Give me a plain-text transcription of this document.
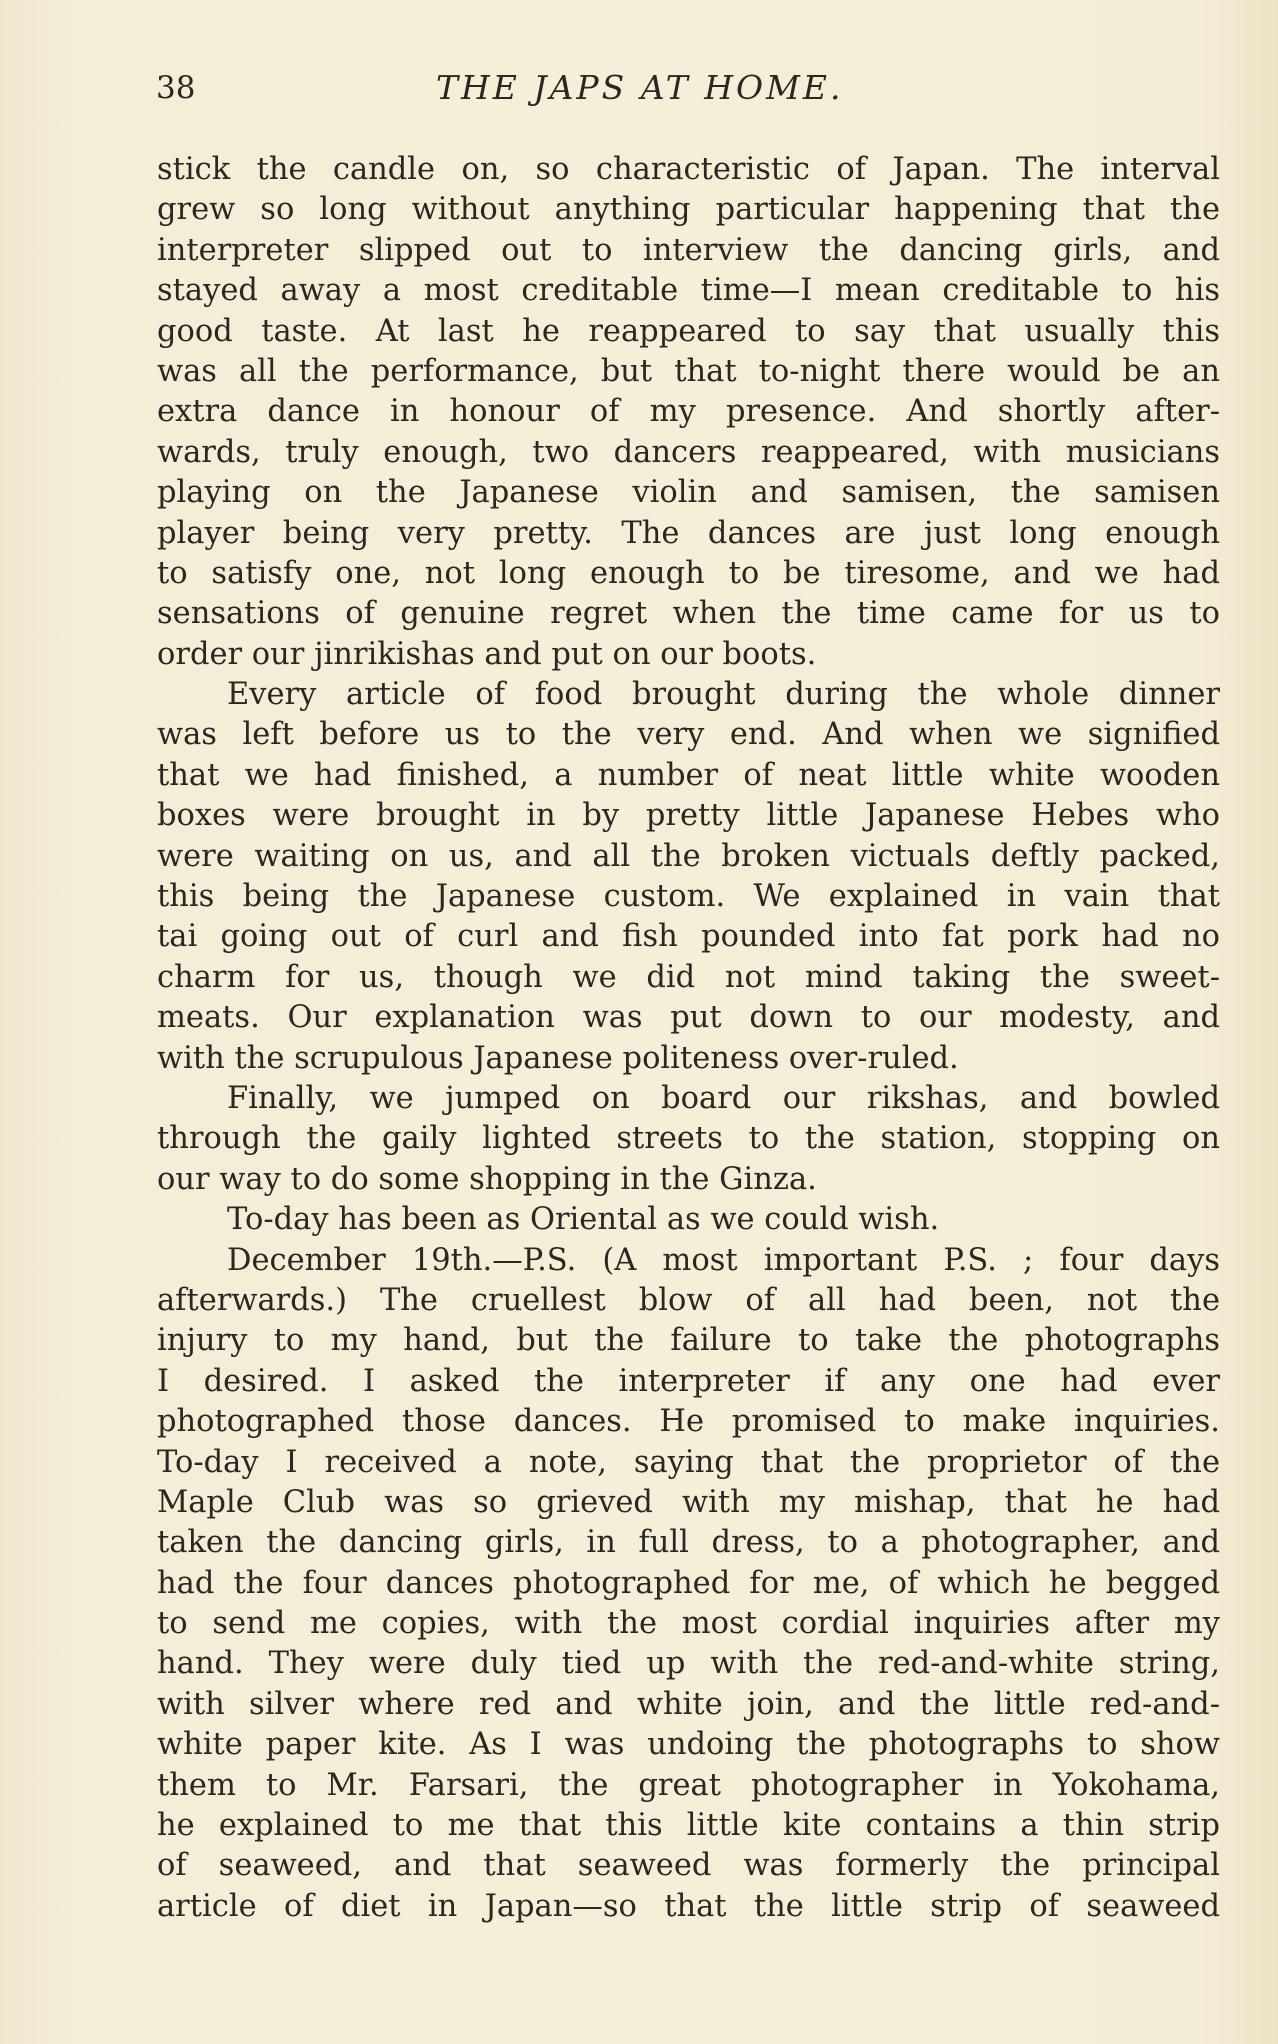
38	THE JAPS AT HOME.
stick the candle on, so characteristic of Japan. The interval
grew so long without anything particular happening that the
interpreter slipped out to interview the dancing girls, and
stayed away a most creditable time—I mean creditable to his
good taste. At last he reappeared to say that usually this
was all the performance, but that to-night there would be an
extra dance in honour of my presence. And shortly after-
wards, truly enough, two dancers reappeared, with musicians
playing on the Japanese violin and samisen, the samisen
player being very pretty. The dances are just long enough
to satisfy one, not long enough to be tiresome, and we had
sensations of genuine regret when the time came for us to
order our jinrikishas and put on our boots.
Every article of food brought during the whole dinner
was left before us to the very end. And when we signified
that we had finished, a number of neat little white wooden
boxes were brought in by pretty little Japanese Hebes who
were waiting on us, and all the broken victuals deftly packed,
this being the Japanese custom. We explained in vain that
tai going out of curl and fish pounded into fat pork had no
charm for us, though we did not mind taking the sweet-
meats. Our explanation was put down to our modesty, and
with the scrupulous Japanese politeness over-ruled.
Finally, we jumped on board our rikshas, and bowled
through the gaily lighted streets to the station, stopping on
our way to do some shopping in the Ginza.
To-day has been as Oriental as we could wish.
December 19th.—P.S. (A most important P.S. ; four days
afterwards.) The cruellest blow of all had been, not the
injury to my hand, but the failure to take the photographs
I desired. I asked the interpreter if any one had ever
photographed those dances. He promised to make inquiries.
To-day I received a note, saying that the proprietor of the
Maple Club was so grieved with my mishap, that he had
taken the dancing girls, in full dress, to a photographer, and
had the four dances photographed for me, of which he begged
to send me copies, with the most cordial inquiries after my
hand. They were duly tied up with the red-and-white string,
with silver where red and white join, and the little red-and-
white paper kite. As I was undoing the photographs to show
them to Mr. Farsari, the great photographer in Yokohama,
he explained to me that this little kite contains a thin strip
of seaweed, and that seaweed was formerly the principal
article of diet in Japan—so that the little strip of seaweed
